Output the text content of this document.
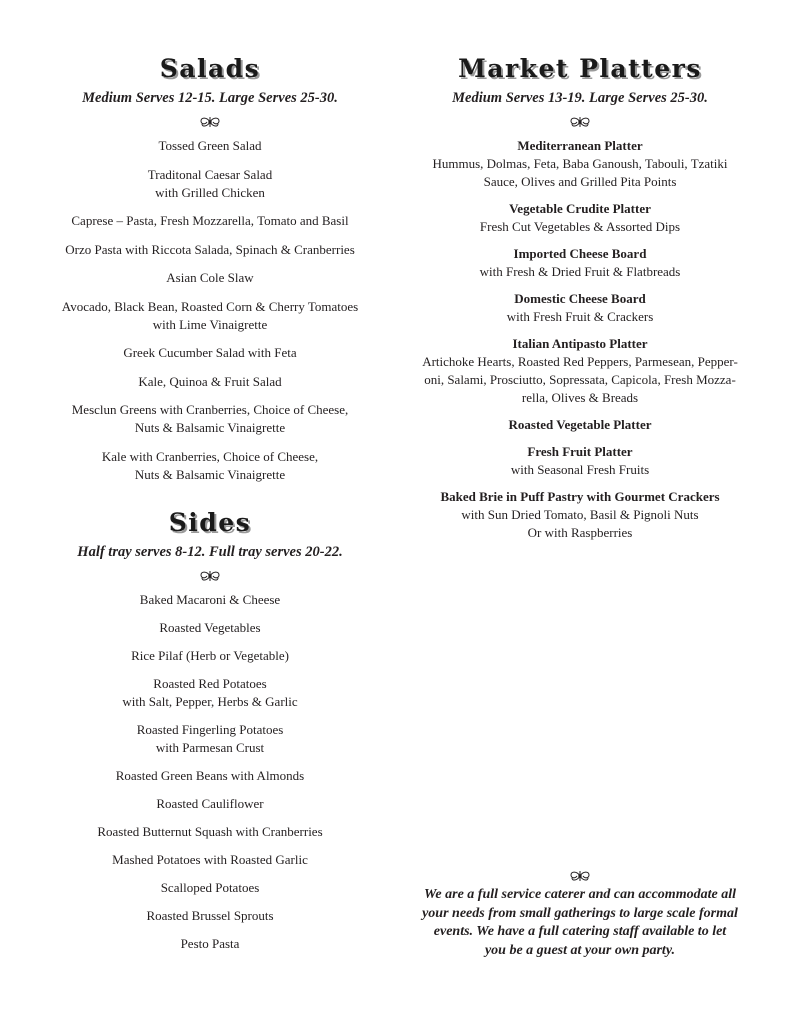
Salads

Medium Serves 12-15. Large Serves 25-30.

Tossed Green Salad

Traditonal Caesar Salad
with Grilled Chicken

Caprese – Pasta, Fresh Mozzarella, Tomato and Basil

Orzo Pasta with Riccota Salada, Spinach & Cranberries

Asian Cole Slaw

Avocado, Black Bean, Roasted Corn & Cherry Tomatoes
with Lime Vinaigrette

Greek Cucumber Salad with Feta

Kale, Quinoa & Fruit Salad

Mesclun Greens with Cranberries, Choice of Cheese,
Nuts & Balsamic Vinaigrette

Kale with Cranberries, Choice of Cheese,
Nuts & Balsamic Vinaigrette

Sides

Half tray serves 8-12. Full tray serves 20-22.

Baked Macaroni & Cheese

Roasted Vegetables

Rice Pilaf (Herb or Vegetable)

Roasted Red Potatoes
with Salt, Pepper, Herbs & Garlic

Roasted Fingerling Potatoes
with Parmesan Crust

Roasted Green Beans with Almonds

Roasted Cauliflower

Roasted Butternut Squash with Cranberries

Mashed Potatoes with Roasted Garlic

Scalloped Potatoes

Roasted Brussel Sprouts

Pesto Pasta

Market Platters

Medium Serves 13-19. Large Serves 25-30.

Mediterranean Platter
Hummus, Dolmas, Feta, Baba Ganoush, Tabouli, Tzatiki
Sauce, Olives and Grilled Pita Points

Vegetable Crudite Platter
Fresh Cut Vegetables & Assorted Dips

Imported Cheese Board
with Fresh & Dried Fruit & Flatbreads

Domestic Cheese Board
with Fresh Fruit & Crackers

Italian Antipasto Platter
Artichoke Hearts, Roasted Red Peppers, Parmesean, Pepper-
oni, Salami, Prosciutto, Sopressata, Capicola, Fresh Mozza-
rella, Olives & Breads

Roasted Vegetable Platter

Fresh Fruit Platter
with Seasonal Fresh Fruits

Baked Brie in Puff Pastry with Gourmet Crackers
with Sun Dried Tomato, Basil & Pignoli Nuts
Or with Raspberries

We are a full service caterer and can accommodate all
your needs from small gatherings to large scale formal
events. We have a full catering staff available to let
you be a guest at your own party.
